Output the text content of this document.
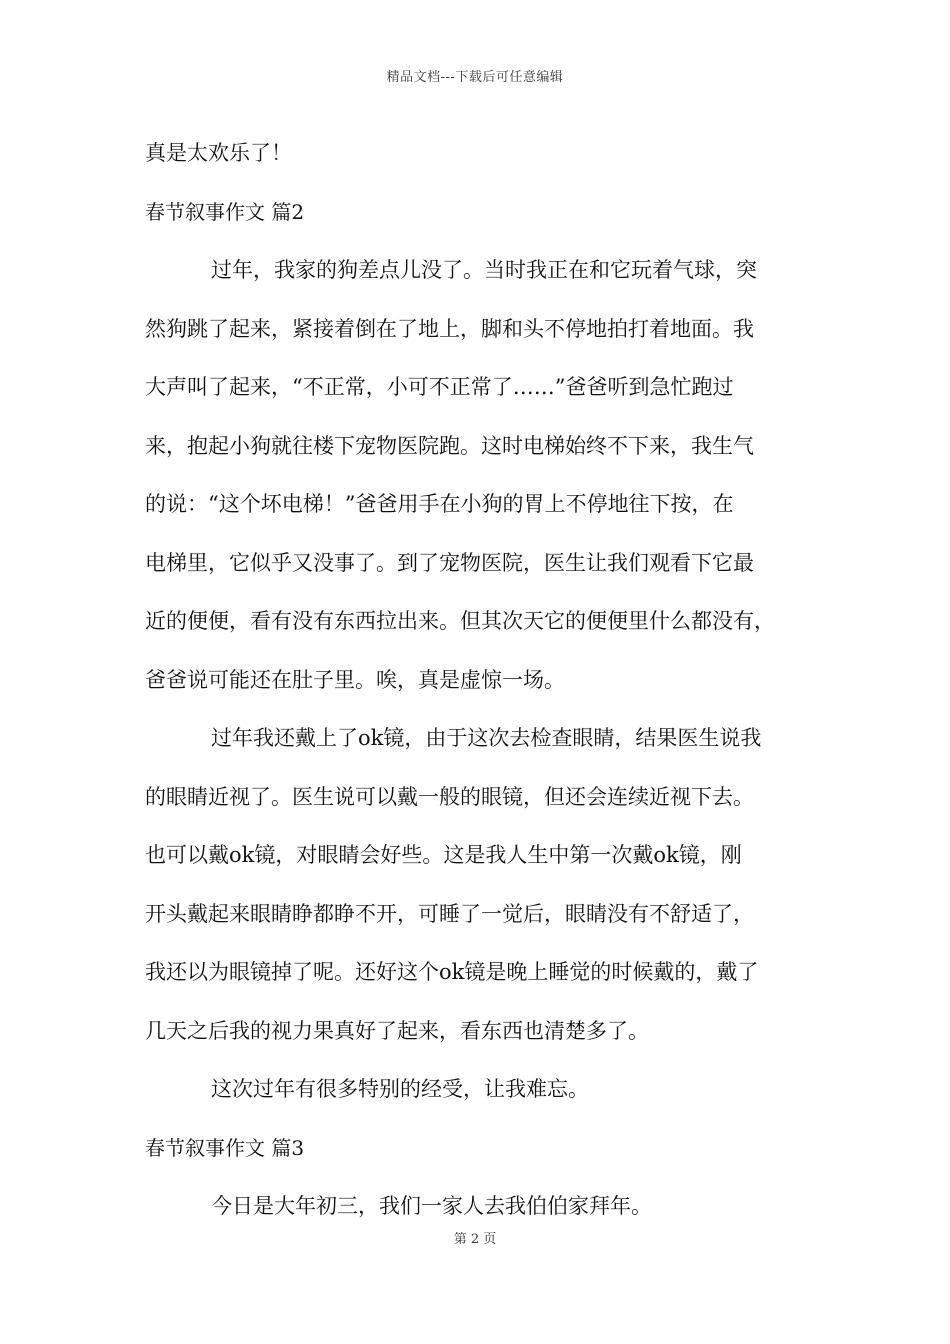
精品文档---下载后可任意编辑
真是太欢乐了！
春节叙事作文 篇2
过年，我家的狗差点儿没了。当时我正在和它玩着气球，突
然狗跳了起来，紧接着倒在了地上，脚和头不停地拍打着地面。我
大声叫了起来，“不正常，小可不正常了……”爸爸听到急忙跑过
来，抱起小狗就往楼下宠物医院跑。这时电梯始终不下来，我生气
的说：“这个坏电梯！”爸爸用手在小狗的胃上不停地往下按，在
电梯里，它似乎又没事了。到了宠物医院，医生让我们观看下它最
近的便便，看有没有东西拉出来。但其次天它的便便里什么都没有，
爸爸说可能还在肚子里。唉，真是虚惊一场。
过年我还戴上了ok镜，由于这次去检查眼睛，结果医生说我
的眼睛近视了。医生说可以戴一般的眼镜，但还会连续近视下去。
也可以戴ok镜，对眼睛会好些。这是我人生中第一次戴ok镜，刚
开头戴起来眼睛睁都睁不开，可睡了一觉后，眼睛没有不舒适了，
我还以为眼镜掉了呢。还好这个ok镜是晚上睡觉的时候戴的，戴了
几天之后我的视力果真好了起来，看东西也清楚多了。
这次过年有很多特别的经受，让我难忘。
春节叙事作文 篇3
今日是大年初三，我们一家人去我伯伯家拜年。
第 2 页
